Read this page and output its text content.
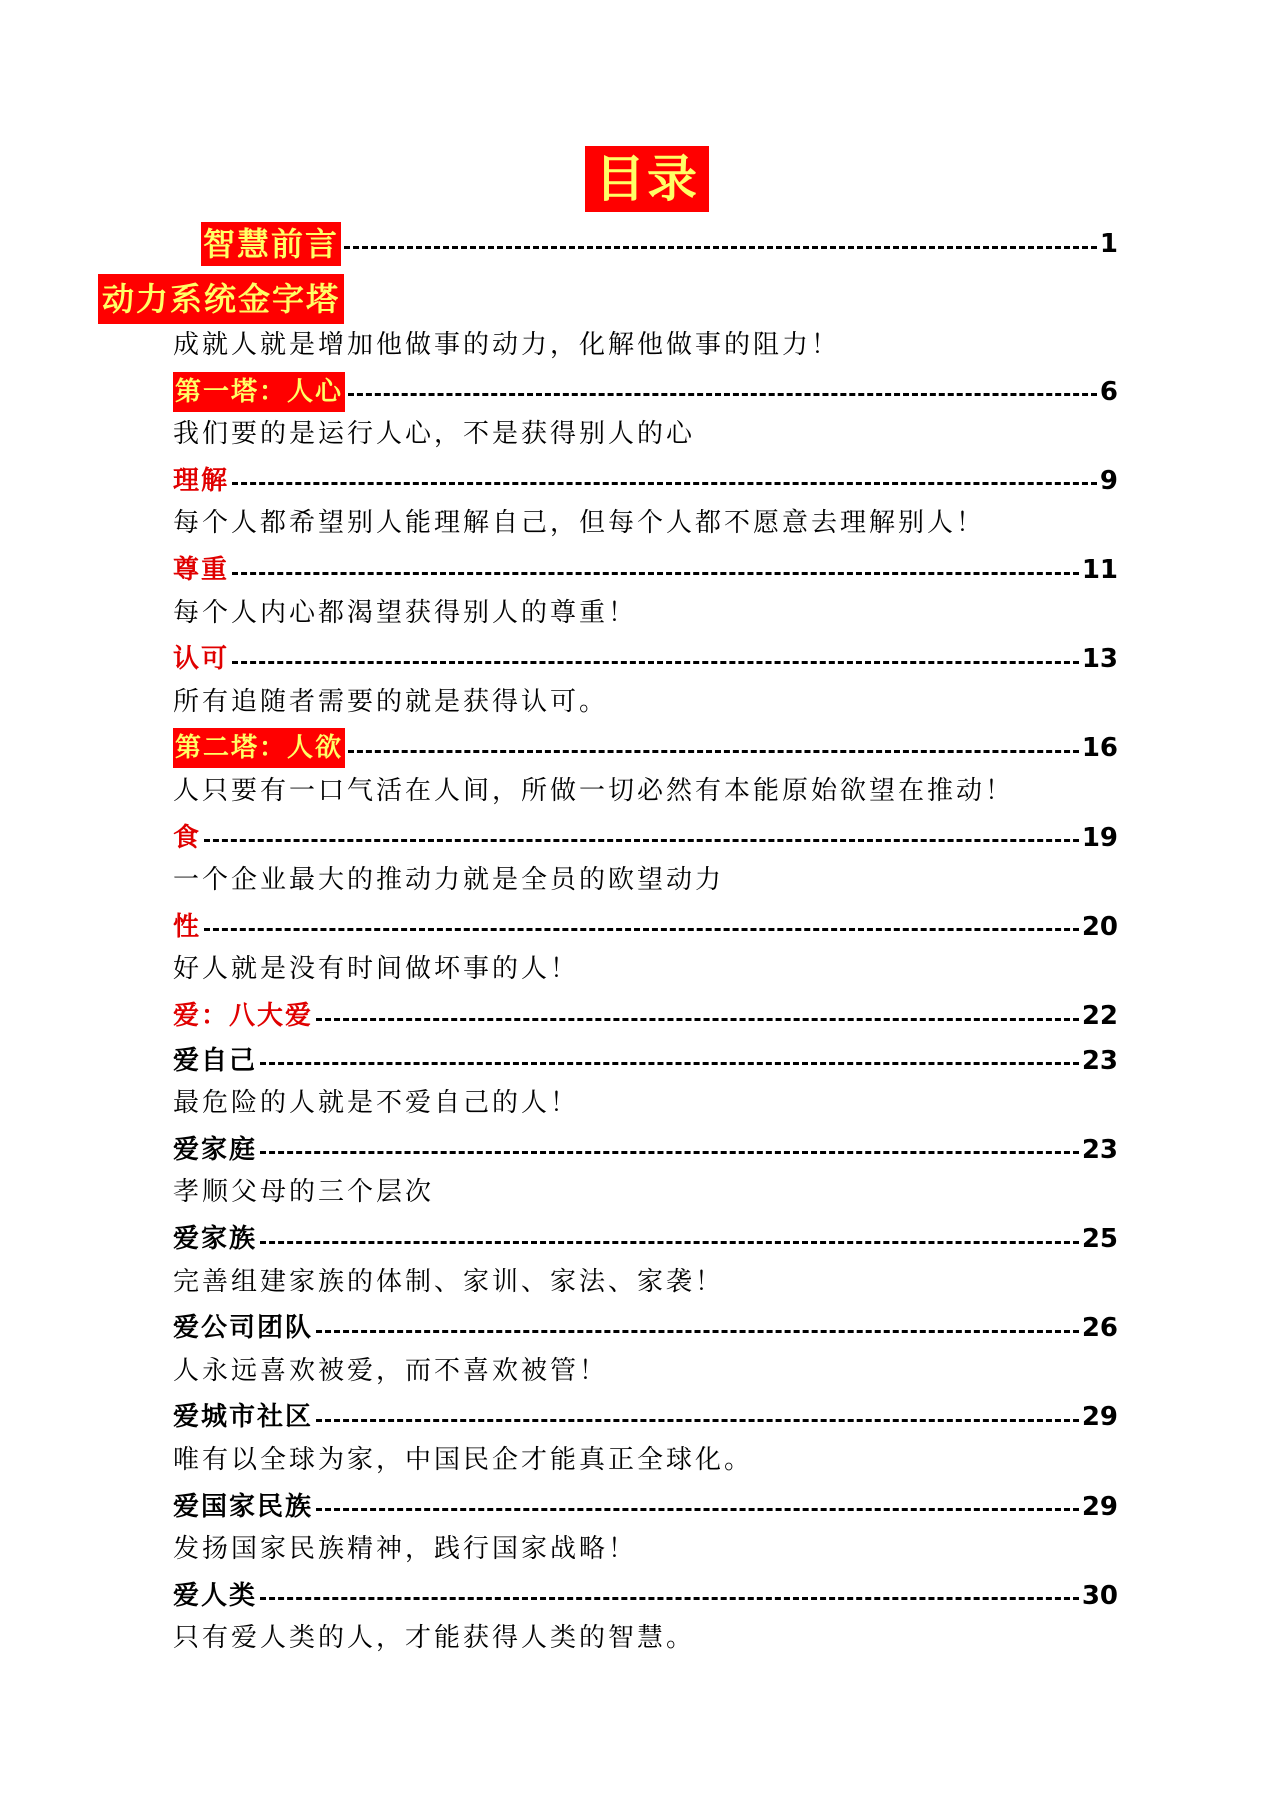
目录
智慧前言	1
动力系统金字塔
成就人就是增加他做事的动力，化解他做事的阻力！
第一塔：人心	6
我们要的是运行人心，不是获得别人的心
理解	9
每个人都希望别人能理解自己，但每个人都不愿意去理解别人！
尊重	11
每个人内心都渴望获得别人的尊重！
认可	13
所有追随者需要的就是获得认可。
第二塔：人欲	16
人只要有一口气活在人间，所做一切必然有本能原始欲望在推动！
食	19
一个企业最大的推动力就是全员的欧望动力
性	20
好人就是没有时间做坏事的人！
爱：八大爱	22
爱自己	23
最危险的人就是不爱自己的人！
爱家庭	23
孝顺父母的三个层次
爱家族	25
完善组建家族的体制、家训、家法、家袭！
爱公司团队	26
人永远喜欢被爱，而不喜欢被管！
爱城市社区	29
唯有以全球为家，中国民企才能真正全球化。
爱国家民族	29
发扬国家民族精神，践行国家战略！
爱人类	30
只有爱人类的人，才能获得人类的智慧。
